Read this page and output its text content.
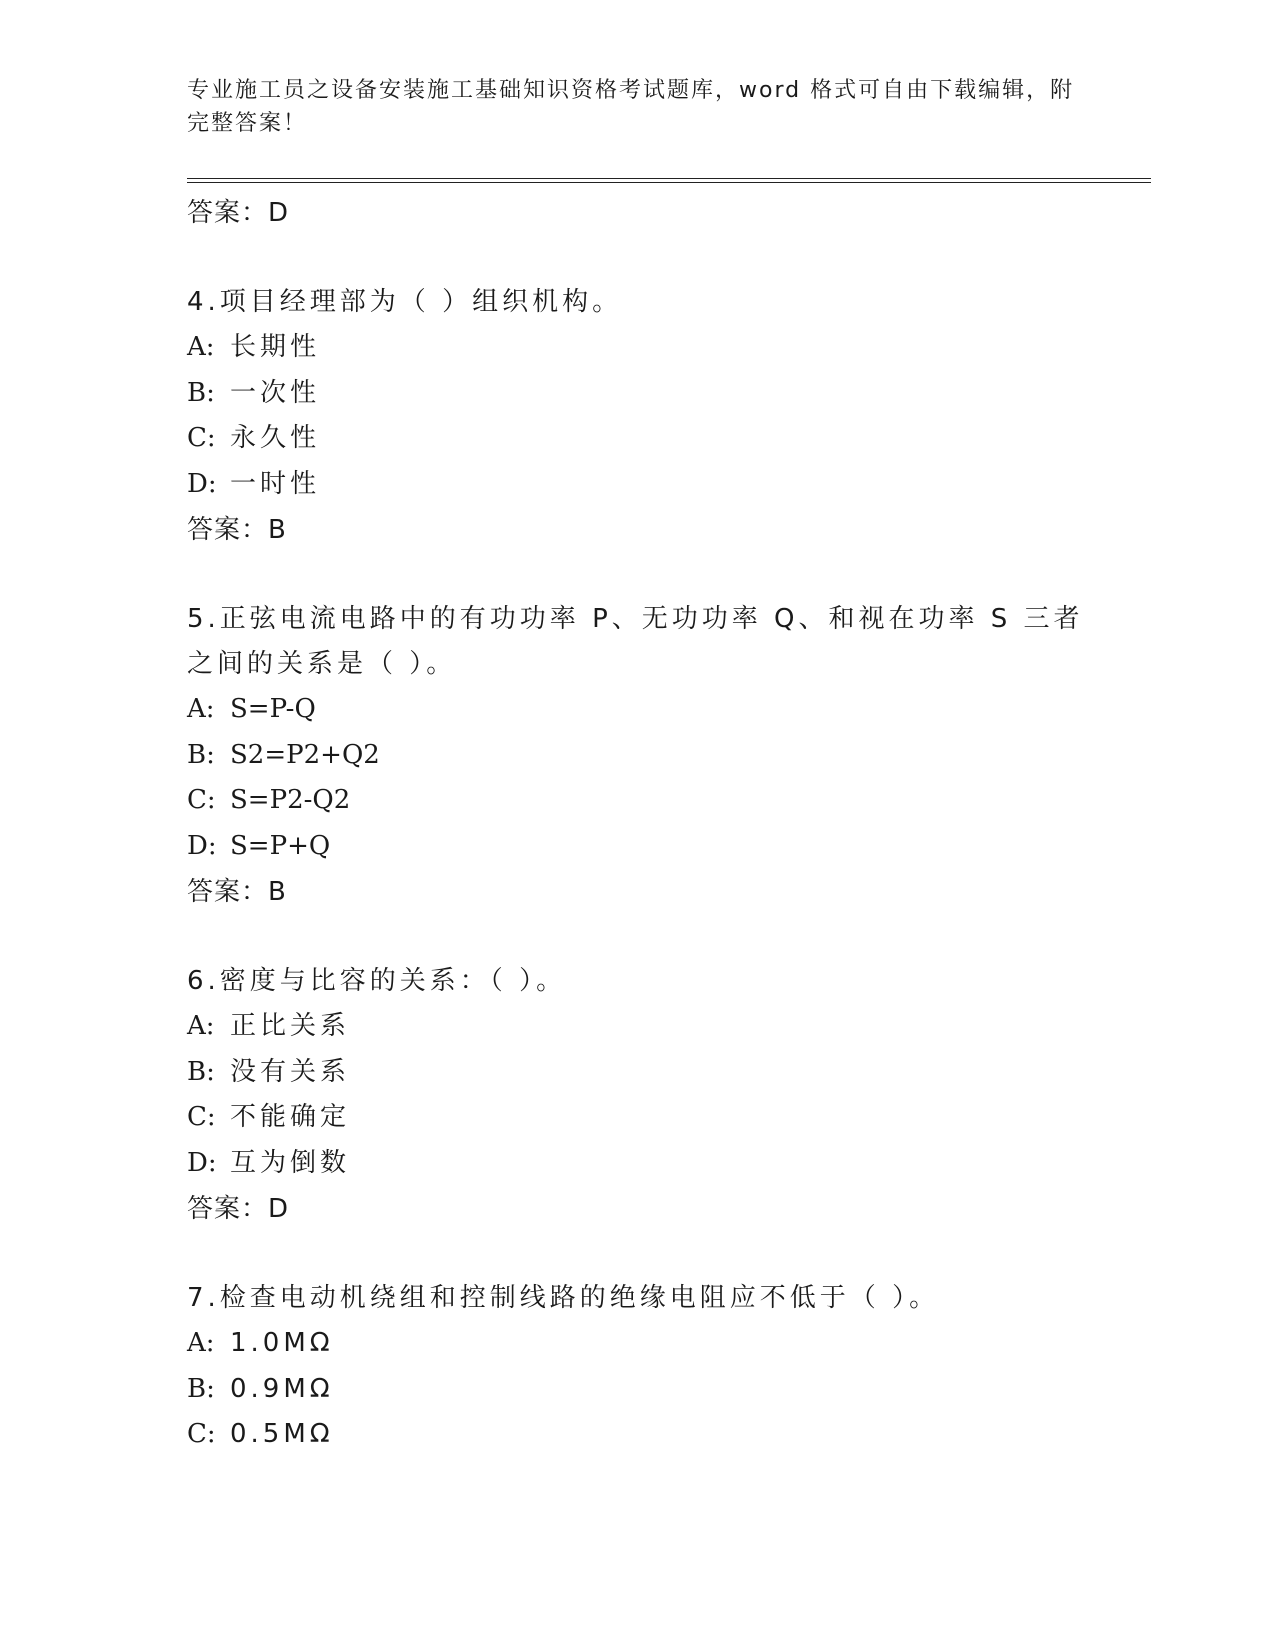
专业施工员之设备安装施工基础知识资格考试题库，word 格式可自由下载编辑，附完整答案！
答案：D
4.项目经理部为（ ）组织机构。
A: 长期性
B: 一次性
C: 永久性
D: 一时性
答案：B
5.正弦电流电路中的有功功率 P、无功功率 Q、和视在功率 S 三者之间的关系是（ ）。
A: S=P-Q
B: S2=P2+Q2
C: S=P2-Q2
D: S=P+Q
答案：B
6.密度与比容的关系：（ ）。
A: 正比关系
B: 没有关系
C: 不能确定
D: 互为倒数
答案：D
7.检查电动机绕组和控制线路的绝缘电阻应不低于（ ）。
A: 1.0MΩ
B: 0.9MΩ
C: 0.5MΩ
